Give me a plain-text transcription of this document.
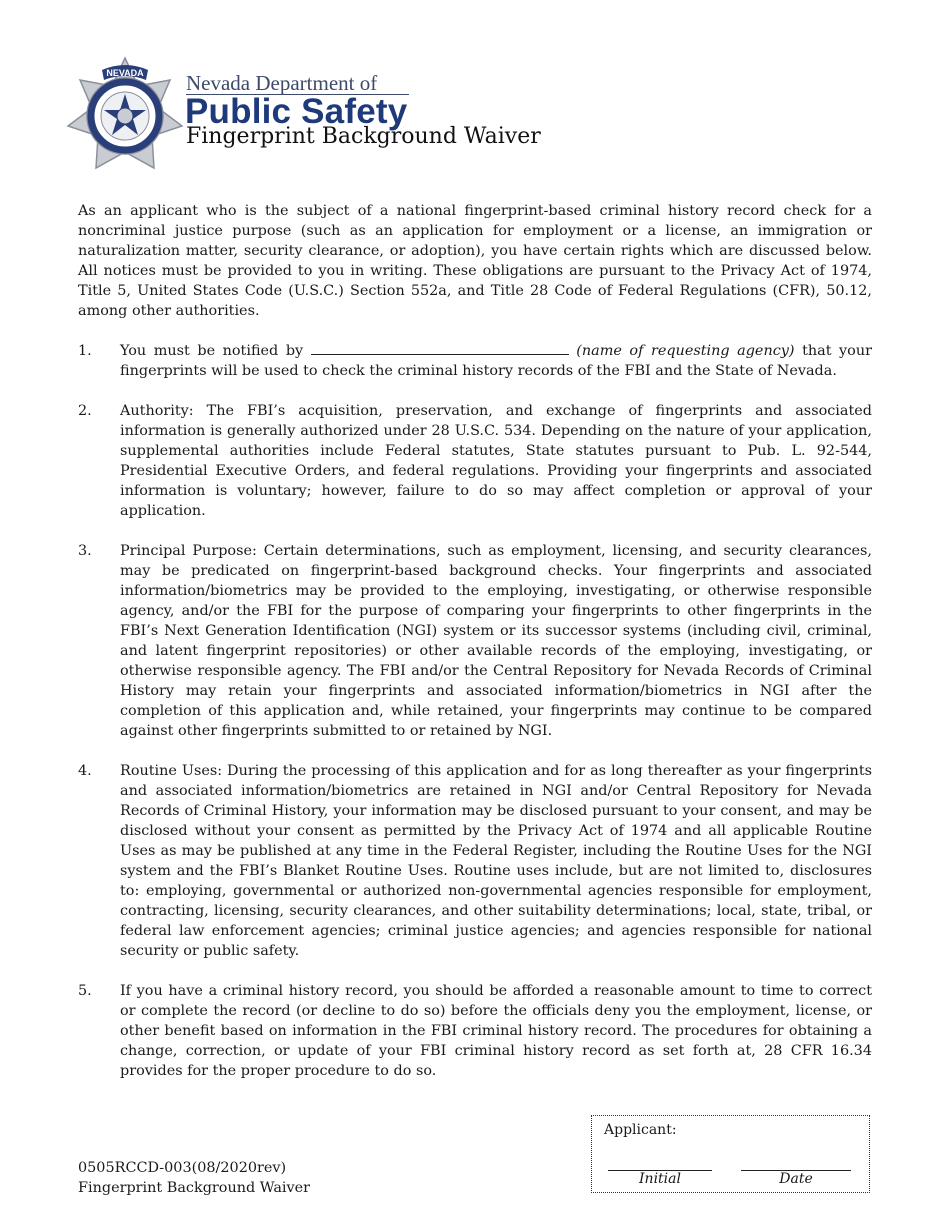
NEVADA Nevada Department of
Public Safety
Fingerprint Background Waiver
As an applicant who is the subject of a national fingerprint-based criminal history record check for a noncriminal justice purpose (such as an application for employment or a license, an immigration or naturalization matter, security clearance, or adoption), you have certain rights which are discussed below. All notices must be provided to you in writing. These obligations are pursuant to the Privacy Act of 1974, Title 5, United States Code (U.S.C.) Section 552a, and Title 28 Code of Federal Regulations (CFR), 50.12, among other authorities.
1.	You must be notified by	(name of requesting agency) that your fingerprints will be used to check the criminal history records of the FBI and the State of Nevada.
2.	Authority: The FBI’s acquisition, preservation, and exchange of fingerprints and associated information is generally authorized under 28 U.S.C. 534. Depending on the nature of your application, supplemental authorities include Federal statutes, State statutes pursuant to Pub. L. 92-544, Presidential Executive Orders, and federal regulations. Providing your fingerprints and associated information is voluntary; however, failure to do so may affect completion or approval of your application.
3.	Principal Purpose: Certain determinations, such as employment, licensing, and security clearances, may be predicated on fingerprint-based background checks. Your fingerprints and associated information/biometrics may be provided to the employing, investigating, or otherwise responsible agency, and/or the FBI for the purpose of comparing your fingerprints to other fingerprints in the FBI’s Next Generation Identification (NGI) system or its successor systems (including civil, criminal, and latent fingerprint repositories) or other available records of the employing, investigating, or otherwise responsible agency. The FBI and/or the Central Repository for Nevada Records of Criminal History may retain your fingerprints and associated information/biometrics in NGI after the completion of this application and, while retained, your fingerprints may continue to be compared against other fingerprints submitted to or retained by NGI.
4.	Routine Uses: During the processing of this application and for as long thereafter as your fingerprints and associated information/biometrics are retained in NGI and/or Central Repository for Nevada Records of Criminal History, your information may be disclosed pursuant to your consent, and may be disclosed without your consent as permitted by the Privacy Act of 1974 and all applicable Routine Uses as may be published at any time in the Federal Register, including the Routine Uses for the NGI system and the FBI’s Blanket Routine Uses. Routine uses include, but are not limited to, disclosures to: employing, governmental or authorized non-governmental agencies responsible for employment, contracting, licensing, security clearances, and other suitability determinations; local, state, tribal, or federal law enforcement agencies; criminal justice agencies; and agencies responsible for national security or public safety.
5.	If you have a criminal history record, you should be afforded a reasonable amount to time to correct or complete the record (or decline to do so) before the officials deny you the employment, license, or other benefit based on information in the FBI criminal history record. The procedures for obtaining a change, correction, or update of your FBI criminal history record as set forth at, 28 CFR 16.34 provides for the proper procedure to do so.
0505RCCD-003(08/2020rev)
Fingerprint Background Waiver
Applicant:
Initial	Date
